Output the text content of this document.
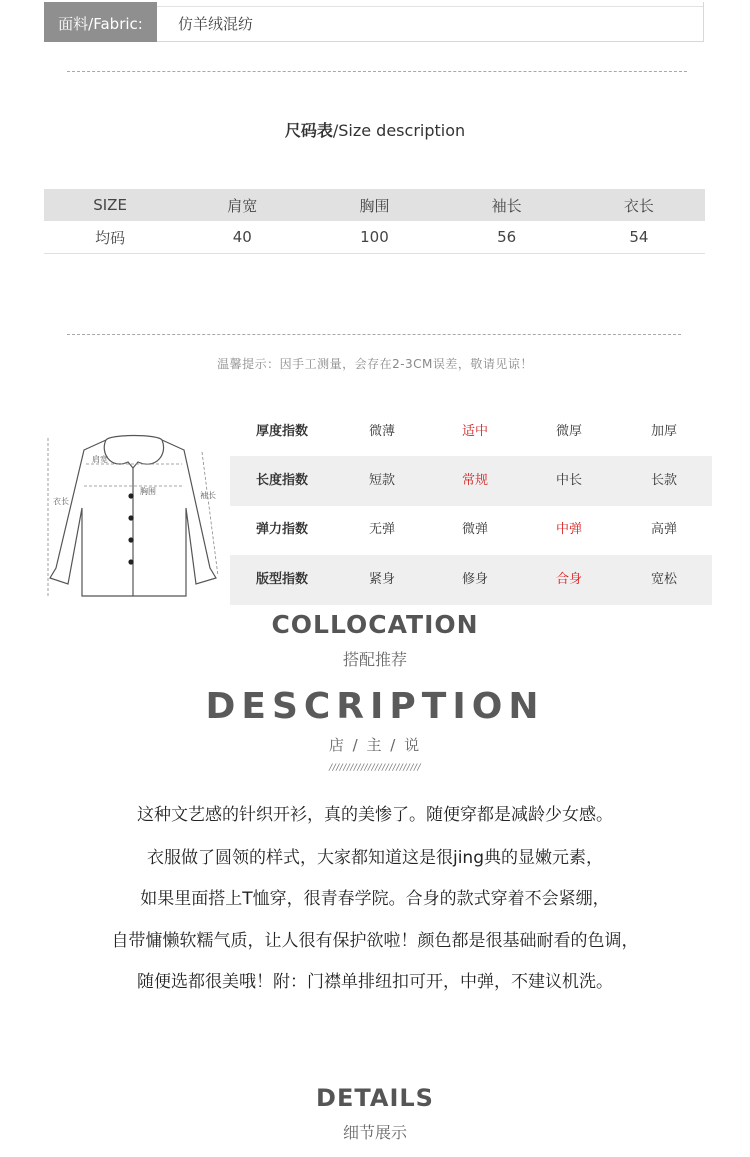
面料/Fabric:	仿羊绒混纺
尺码表/Size description
SIZE	肩宽	胸围	袖长	衣长
均码	40	100	56	54
温馨提示：因手工测量，会存在2-3CM误差，敬请见谅！
肩宽
胸围
衣长
袖长
厚度指数	微薄	适中	微厚	加厚
长度指数	短款	常规	中长	长款
弹力指数	无弹	微弹	中弹	高弹
版型指数	紧身	修身	合身	宽松
COLLOCATION
搭配推荐
DESCRIPTION
店 / 主 / 说
//////////////////////////
这种文艺感的针织开衫，真的美惨了。随便穿都是减龄少女感。
衣服做了圆领的样式，大家都知道这是很jing典的显嫩元素，
如果里面搭上T恤穿，很青春学院。合身的款式穿着不会紧绷，
自带慵懒软糯气质，让人很有保护欲啦！颜色都是很基础耐看的色调，
随便选都很美哦！附：门襟单排纽扣可开，中弹，不建议机洗。
DETAILS
细节展示
